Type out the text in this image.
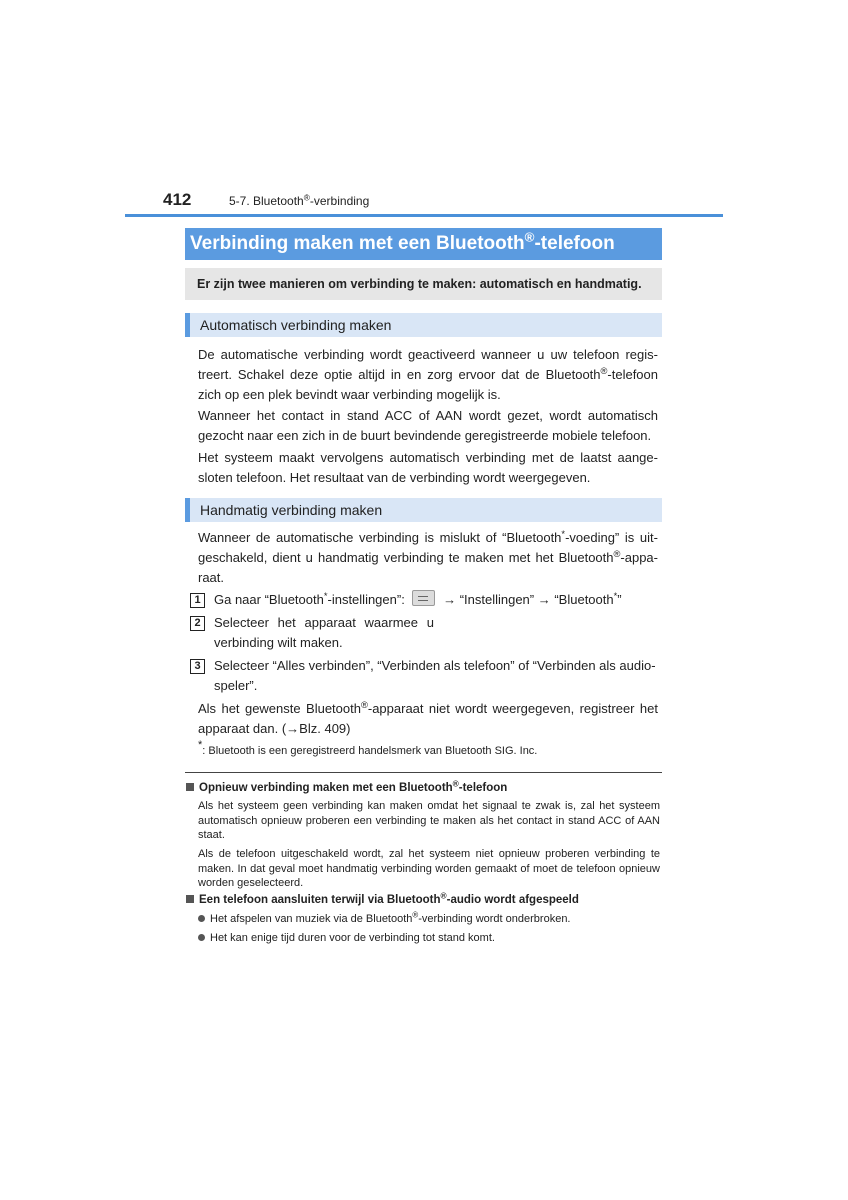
412	5-7. Bluetooth®-verbinding
Verbinding maken met een Bluetooth®-telefoon
Er zijn twee manieren om verbinding te maken: automatisch en handmatig.
Automatisch verbinding maken
De automatische verbinding wordt geactiveerd wanneer u uw telefoon registreert. Schakel deze optie altijd in en zorg ervoor dat de Bluetooth®-telefoon zich op een plek bevindt waar verbinding mogelijk is.
Wanneer het contact in stand ACC of AAN wordt gezet, wordt automatisch gezocht naar een zich in de buurt bevindende geregistreerde mobiele telefoon.
Het systeem maakt vervolgens automatisch verbinding met de laatst aangesloten telefoon. Het resultaat van de verbinding wordt weergegeven.
Handmatig verbinding maken
Wanneer de automatische verbinding is mislukt of “Bluetooth*-voeding” is uitgeschakeld, dient u handmatig verbinding te maken met het Bluetooth®-apparaat.
1	Ga naar “Bluetooth*-instellingen”:	→ “Instellingen” → “Bluetooth*”
2	Selecteer het apparaat waarmee u
verbinding wilt maken.
3	Selecteer “Alles verbinden”, “Verbinden als telefoon” of “Verbinden als audio-
speler”.
Als het gewenste Bluetooth®-apparaat niet wordt weergegeven, registreer het apparaat dan. (→Blz. 409)
*: Bluetooth is een geregistreerd handelsmerk van Bluetooth SIG. Inc.
Opnieuw verbinding maken met een Bluetooth®-telefoon
Als het systeem geen verbinding kan maken omdat het signaal te zwak is, zal het systeem automatisch opnieuw proberen een verbinding te maken als het contact in stand ACC of AAN staat.
Als de telefoon uitgeschakeld wordt, zal het systeem niet opnieuw proberen verbinding te maken. In dat geval moet handmatig verbinding worden gemaakt of moet de telefoon opnieuw worden geselecteerd.
Een telefoon aansluiten terwijl via Bluetooth®-audio wordt afgespeeld
Het afspelen van muziek via de Bluetooth®-verbinding wordt onderbroken.
Het kan enige tijd duren voor de verbinding tot stand komt.
